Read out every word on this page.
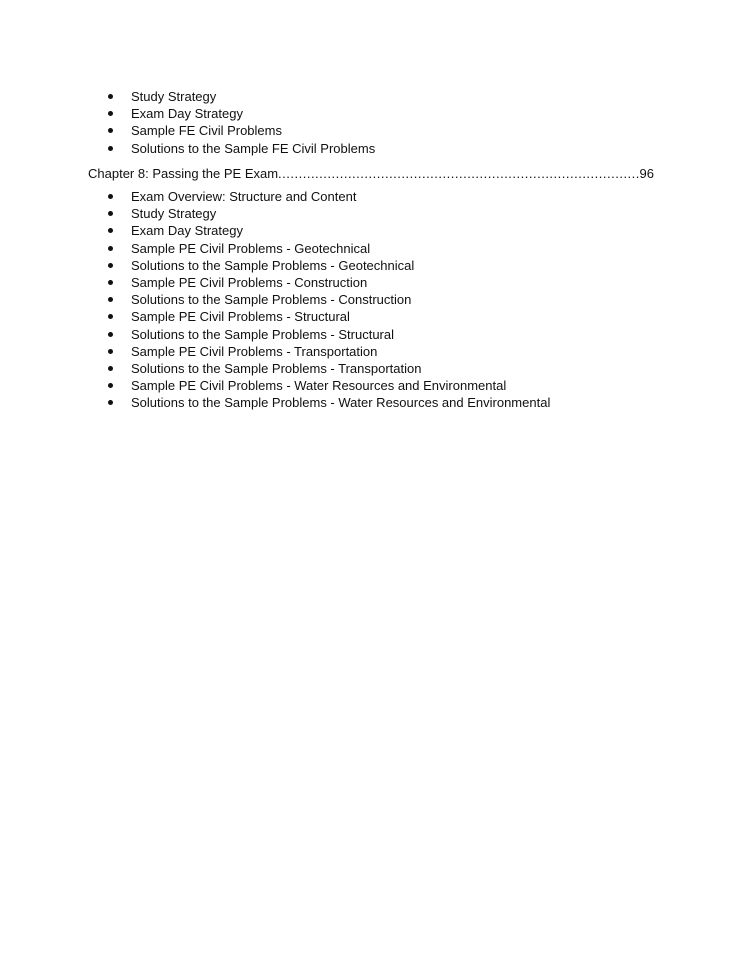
Study Strategy
Exam Day Strategy
Sample FE Civil Problems
Solutions to the Sample FE Civil Problems
Chapter 8: Passing the PE Exam
.....	96
Exam Overview: Structure and Content
Study Strategy
Exam Day Strategy
Sample PE Civil Problems - Geotechnical
Solutions to the Sample Problems - Geotechnical
Sample PE Civil Problems - Construction
Solutions to the Sample Problems - Construction
Sample PE Civil Problems - Structural
Solutions to the Sample Problems - Structural
Sample PE Civil Problems - Transportation
Solutions to the Sample Problems - Transportation
Sample PE Civil Problems - Water Resources and Environmental
Solutions to the Sample Problems - Water Resources and Environmental
